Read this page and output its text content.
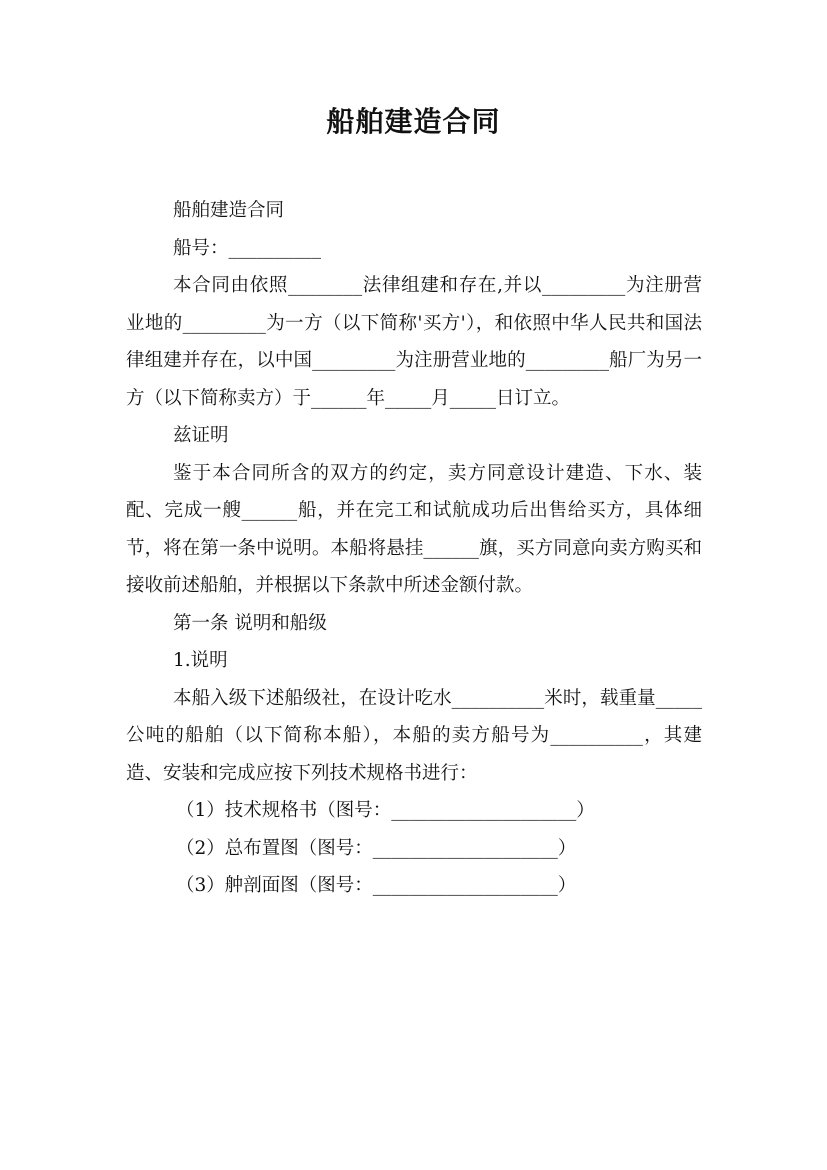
船舶建造合同

船舶建造合同

船号：__________

本合同由依照________法律组建和存在,并以_________为注册营业地的_________为一方（以下简称'买方'），和依照中华人民共和国法律组建并存在，以中国_________为注册营业地的_________船厂为另一方（以下简称卖方）于______年_____月_____日订立。

兹证明

鉴于本合同所含的双方的约定，卖方同意设计建造、下水、装配、完成一艘______船，并在完工和试航成功后出售给买方，具体细节，将在第一条中说明。本船将悬挂______旗，买方同意向卖方购买和接收前述船舶，并根据以下条款中所述金额付款。

第一条 说明和船级

1.说明

本船入级下述船级社，在设计吃水__________米时，载重量_____公吨的船舶（以下简称本船），本船的卖方船号为__________，其建造、安装和完成应按下列技术规格书进行：

（1）技术规格书（图号：____________________）

（2）总布置图（图号：____________________）

（3）舯剖面图（图号：____________________）
